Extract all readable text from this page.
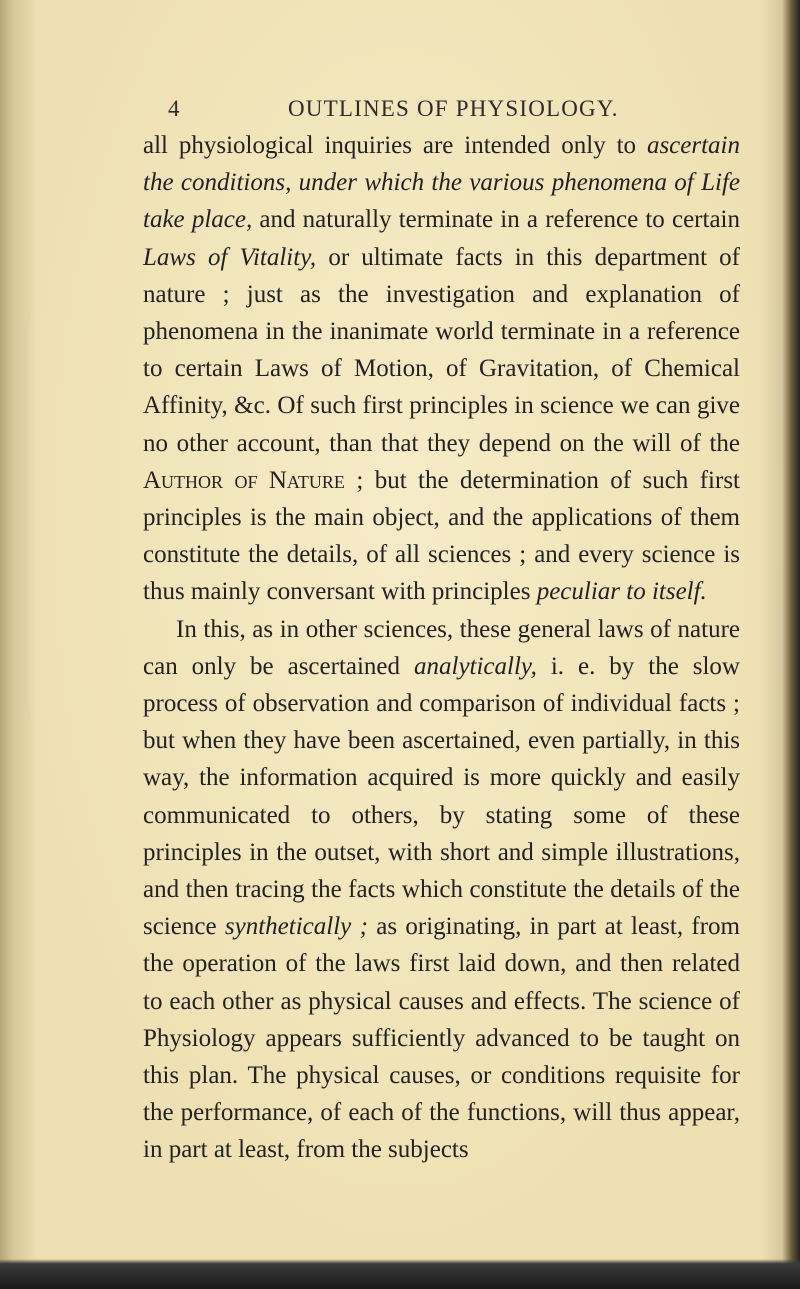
4	OUTLINES OF PHYSIOLOGY.

all physiological inquiries are intended only to ascertain the conditions, under which the various phenomena of Life take place, and naturally terminate in a reference to certain Laws of Vitality, or ultimate facts in this department of nature ; just as the investigation and explanation of phenomena in the inanimate world terminate in a reference to certain Laws of Motion, of Gravitation, of Chemical Affinity, &c. Of such first principles in science we can give no other account, than that they depend on the will of the Author of Nature ; but the determination of such first principles is the main object, and the applications of them constitute the details, of all sciences ; and every science is thus mainly conversant with principles peculiar to itself.

In this, as in other sciences, these general laws of nature can only be ascertained analytically, i. e. by the slow process of observation and comparison of individual facts ; but when they have been ascertained, even partially, in this way, the information acquired is more quickly and easily communicated to others, by stating some of these principles in the outset, with short and simple illustrations, and then tracing the facts which constitute the details of the science synthetically ; as originating, in part at least, from the operation of the laws first laid down, and then related to each other as physical causes and effects. The science of Physiology appears sufficiently advanced to be taught on this plan. The physical causes, or conditions requisite for the performance, of each of the functions, will thus appear, in part at least, from the subjects
